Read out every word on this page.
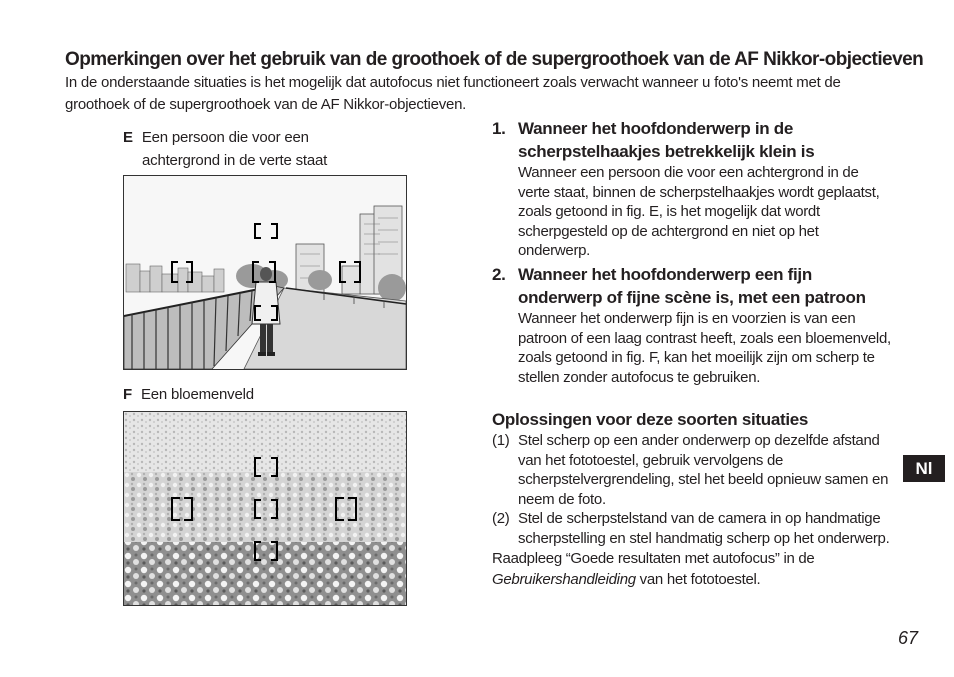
Opmerkingen over het gebruik van de groothoek of de supergroothoek van de AF Nikkor-objectieven
In de onderstaande situaties is het mogelijk dat autofocus niet functioneert zoals verwacht wanneer u foto's neemt met de groothoek of de supergroothoek van de AF Nikkor-objectieven.
E Een persoon die voor een
achtergrond in de verte staat
F Een bloemenveld
1. Wanneer het hoofdonderwerp in de scherpstelhaakjes betrekkelijk klein is
Wanneer een persoon die voor een achtergrond in de verte staat, binnen de scherpstelhaakjes wordt geplaatst, zoals getoond in fig. E, is het mogelijk dat wordt scherpgesteld op de achtergrond en niet op het onderwerp.
2. Wanneer het hoofdonderwerp een fijn onderwerp of fijne scène is, met een patroon
Wanneer het onderwerp fijn is en voorzien is van een patroon of een laag contrast heeft, zoals een bloemenveld, zoals getoond in fig. F, kan het moeilijk zijn om scherp te stellen zonder autofocus te gebruiken.
Oplossingen voor deze soorten situaties
(1) Stel scherp op een ander onderwerp op dezelfde afstand van het fototoestel, gebruik vervolgens de scherpstelvergrendeling, stel het beeld opnieuw samen en neem de foto.
(2) Stel de scherpstelstand van de camera in op handmatige scherpstelling en stel handmatig scherp op het onderwerp.
Raadpleeg “Goede resultaten met autofocus” in de
Gebruikershandleiding van het fototoestel.
Nl
67
